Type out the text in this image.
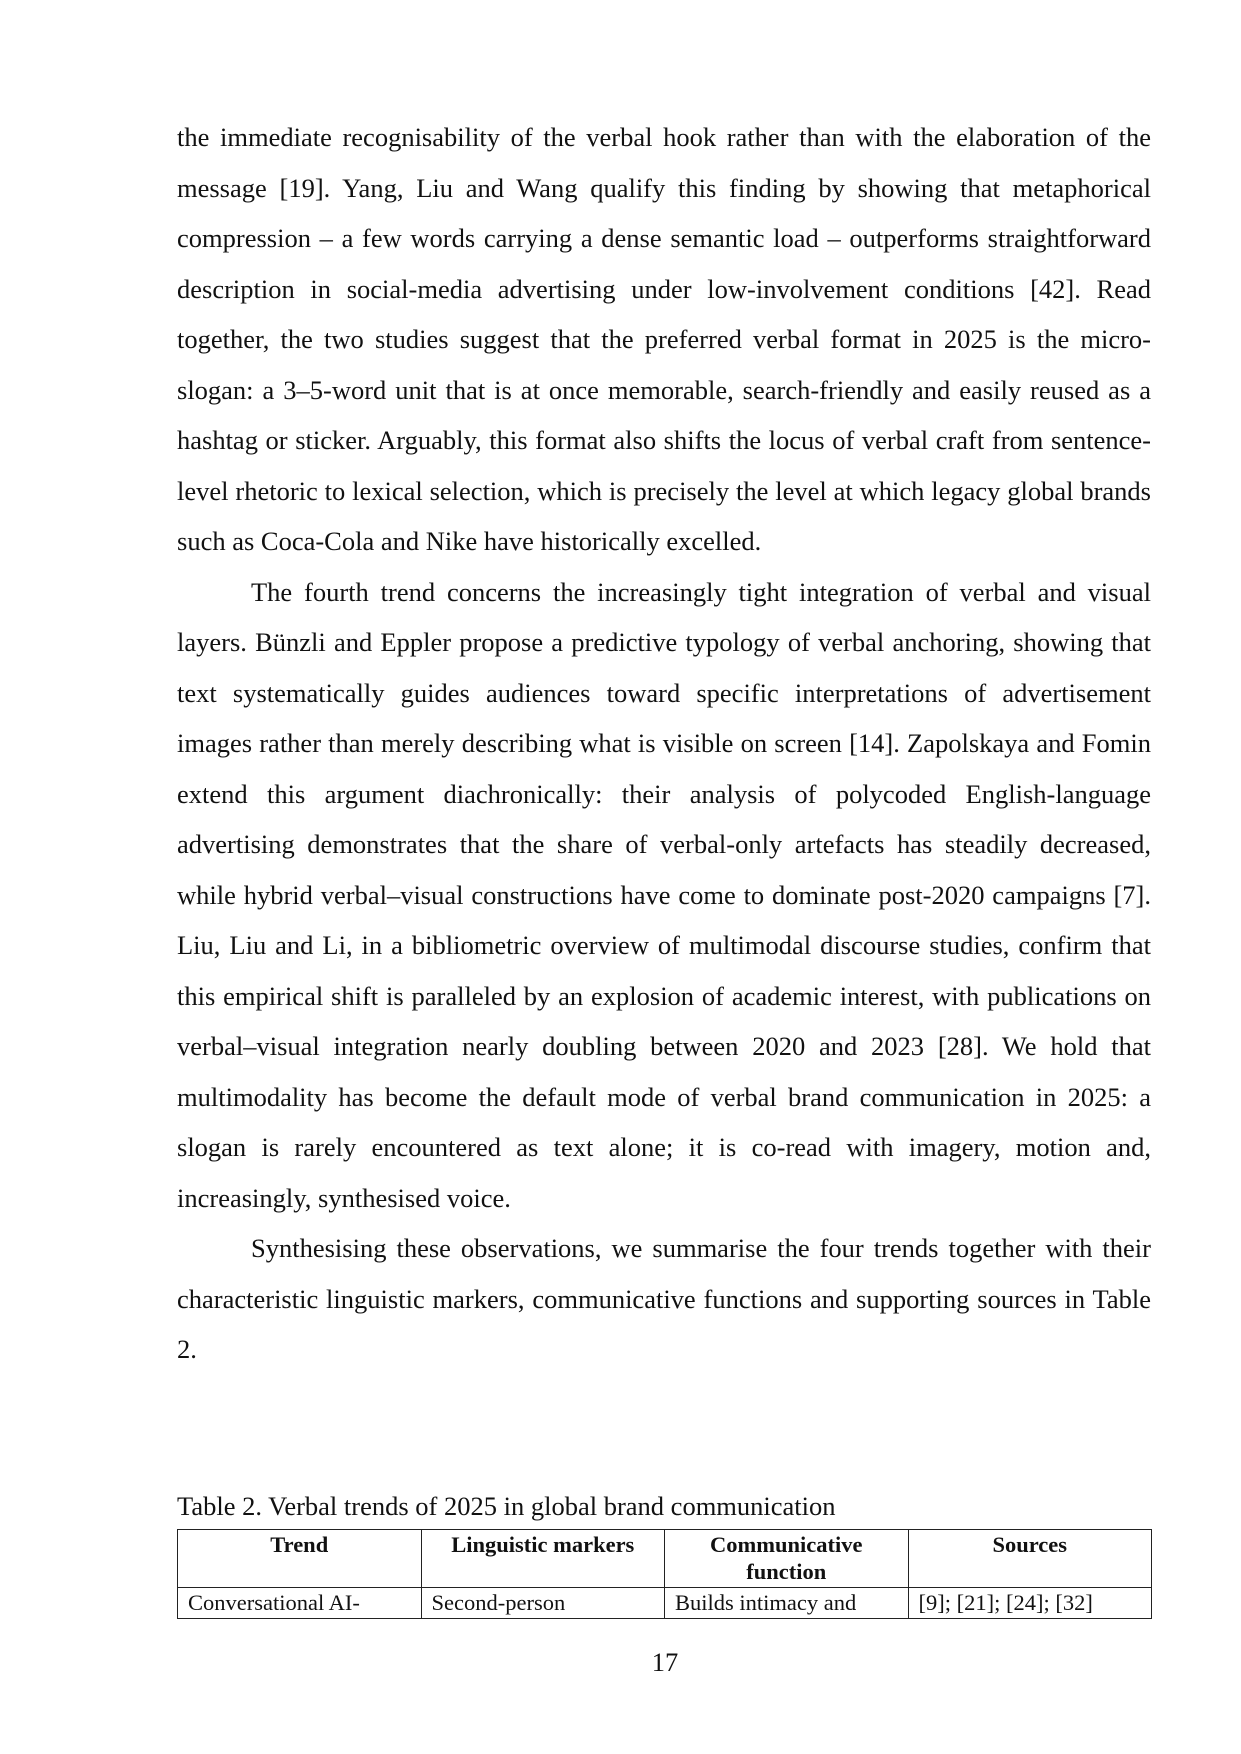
the immediate recognisability of the verbal hook rather than with the elaboration of the message [19]. Yang, Liu and Wang qualify this finding by showing that metaphorical compression – a few words carrying a dense semantic load – outperforms straightforward description in social-media advertising under low-involvement conditions [42]. Read together, the two studies suggest that the preferred verbal format in 2025 is the micro-slogan: a 3–5-word unit that is at once memorable, search-friendly and easily reused as a hashtag or sticker. Arguably, this format also shifts the locus of verbal craft from sentence-level rhetoric to lexical selection, which is precisely the level at which legacy global brands such as Coca-Cola and Nike have historically excelled.

The fourth trend concerns the increasingly tight integration of verbal and visual layers. Bünzli and Eppler propose a predictive typology of verbal anchoring, showing that text systematically guides audiences toward specific interpretations of advertisement images rather than merely describing what is visible on screen [14]. Zapolskaya and Fomin extend this argument diachronically: their analysis of polycoded English-language advertising demonstrates that the share of verbal-only artefacts has steadily decreased, while hybrid verbal–visual constructions have come to dominate post-2020 campaigns [7]. Liu, Liu and Li, in a bibliometric overview of multimodal discourse studies, confirm that this empirical shift is paralleled by an explosion of academic interest, with publications on verbal–visual integration nearly doubling between 2020 and 2023 [28]. We hold that multimodality has become the default mode of verbal brand communication in 2025: a slogan is rarely encountered as text alone; it is co-read with imagery, motion and, increasingly, synthesised voice.

Synthesising these observations, we summarise the four trends together with their characteristic linguistic markers, communicative functions and supporting sources in Table 2.

Table 2. Verbal trends of 2025 in global brand communication

Trend	Linguistic markers	Communicative function	Sources
Conversational AI-	Second-person	Builds intimacy and	[9]; [21]; [24]; [32]
17
